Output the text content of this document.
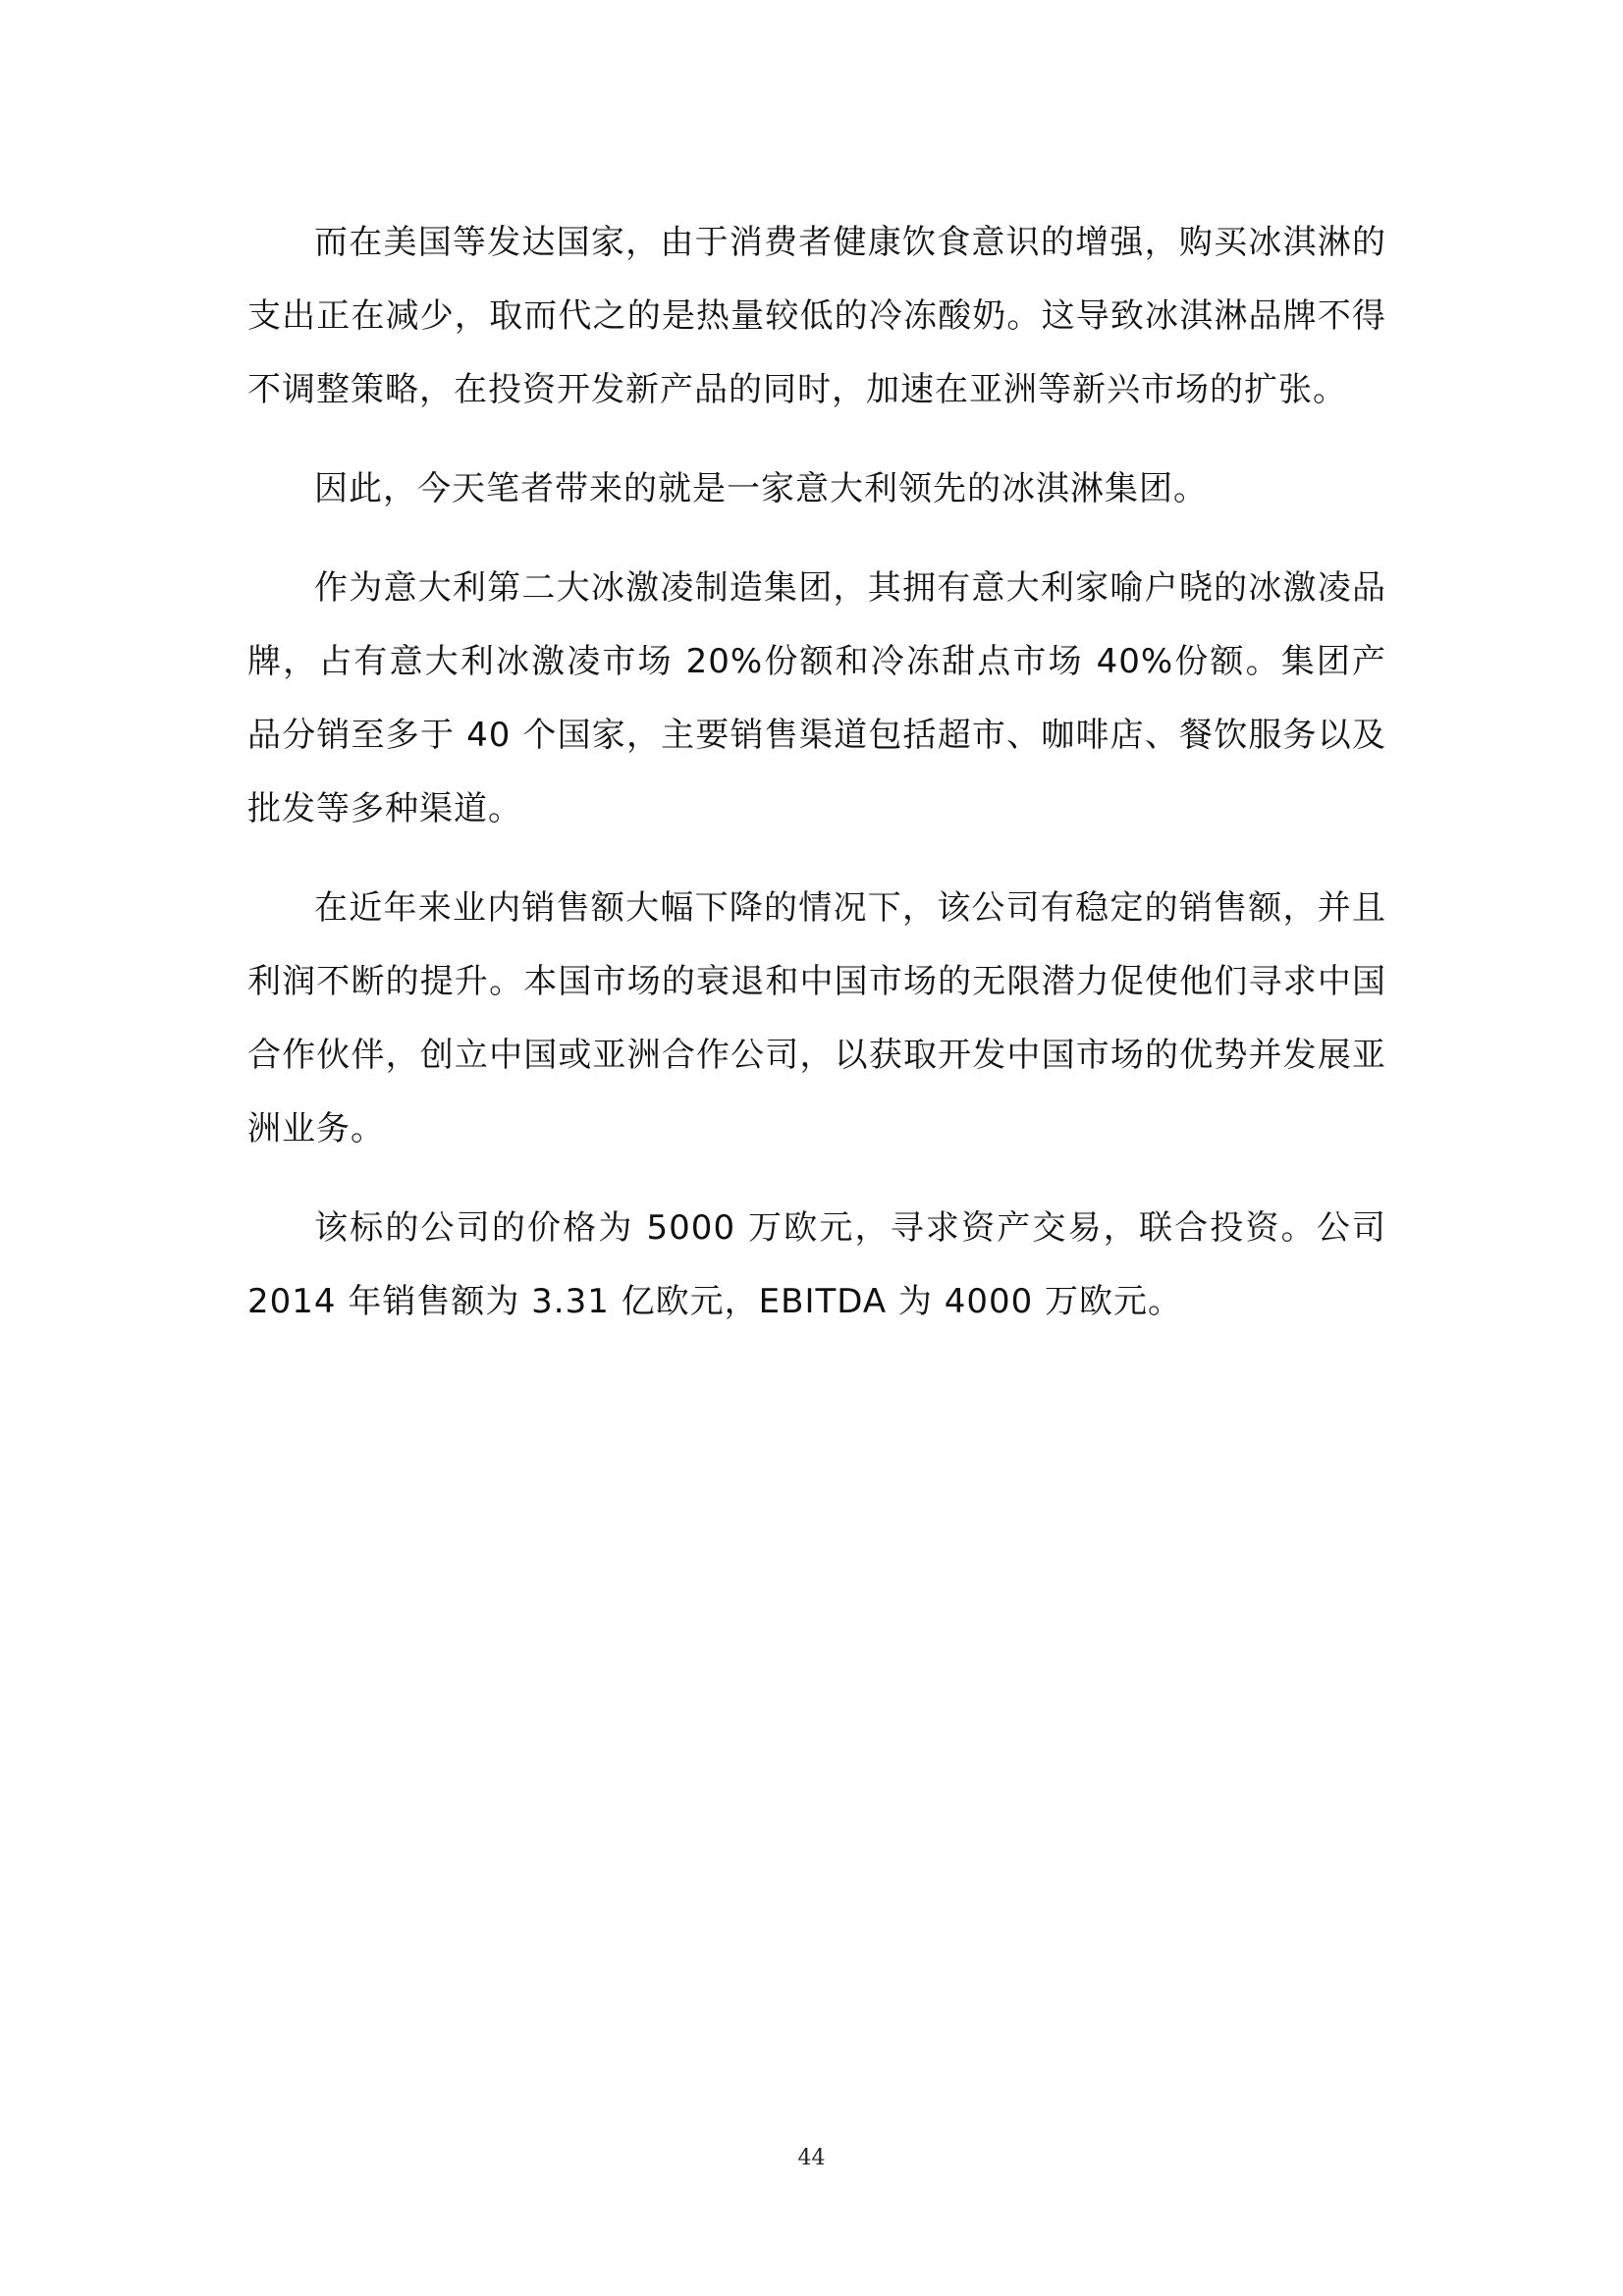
而在美国等发达国家，由于消费者健康饮食意识的增强，购买冰淇淋的支出正在减少，取而代之的是热量较低的冷冻酸奶。这导致冰淇淋品牌不得不调整策略，在投资开发新产品的同时，加速在亚洲等新兴市场的扩张。

因此，今天笔者带来的就是一家意大利领先的冰淇淋集团。

作为意大利第二大冰激凌制造集团，其拥有意大利家喻户晓的冰激凌品牌，占有意大利冰激凌市场 20%份额和冷冻甜点市场 40%份额。集团产品分销至多于 40 个国家，主要销售渠道包括超市、咖啡店、餐饮服务以及批发等多种渠道。

在近年来业内销售额大幅下降的情况下，该公司有稳定的销售额，并且利润不断的提升。本国市场的衰退和中国市场的无限潜力促使他们寻求中国合作伙伴，创立中国或亚洲合作公司，以获取开发中国市场的优势并发展亚洲业务。

该标的公司的价格为 5000 万欧元，寻求资产交易，联合投资。公司 2014 年销售额为 3.31 亿欧元，EBITDA 为 4000 万欧元。

44
